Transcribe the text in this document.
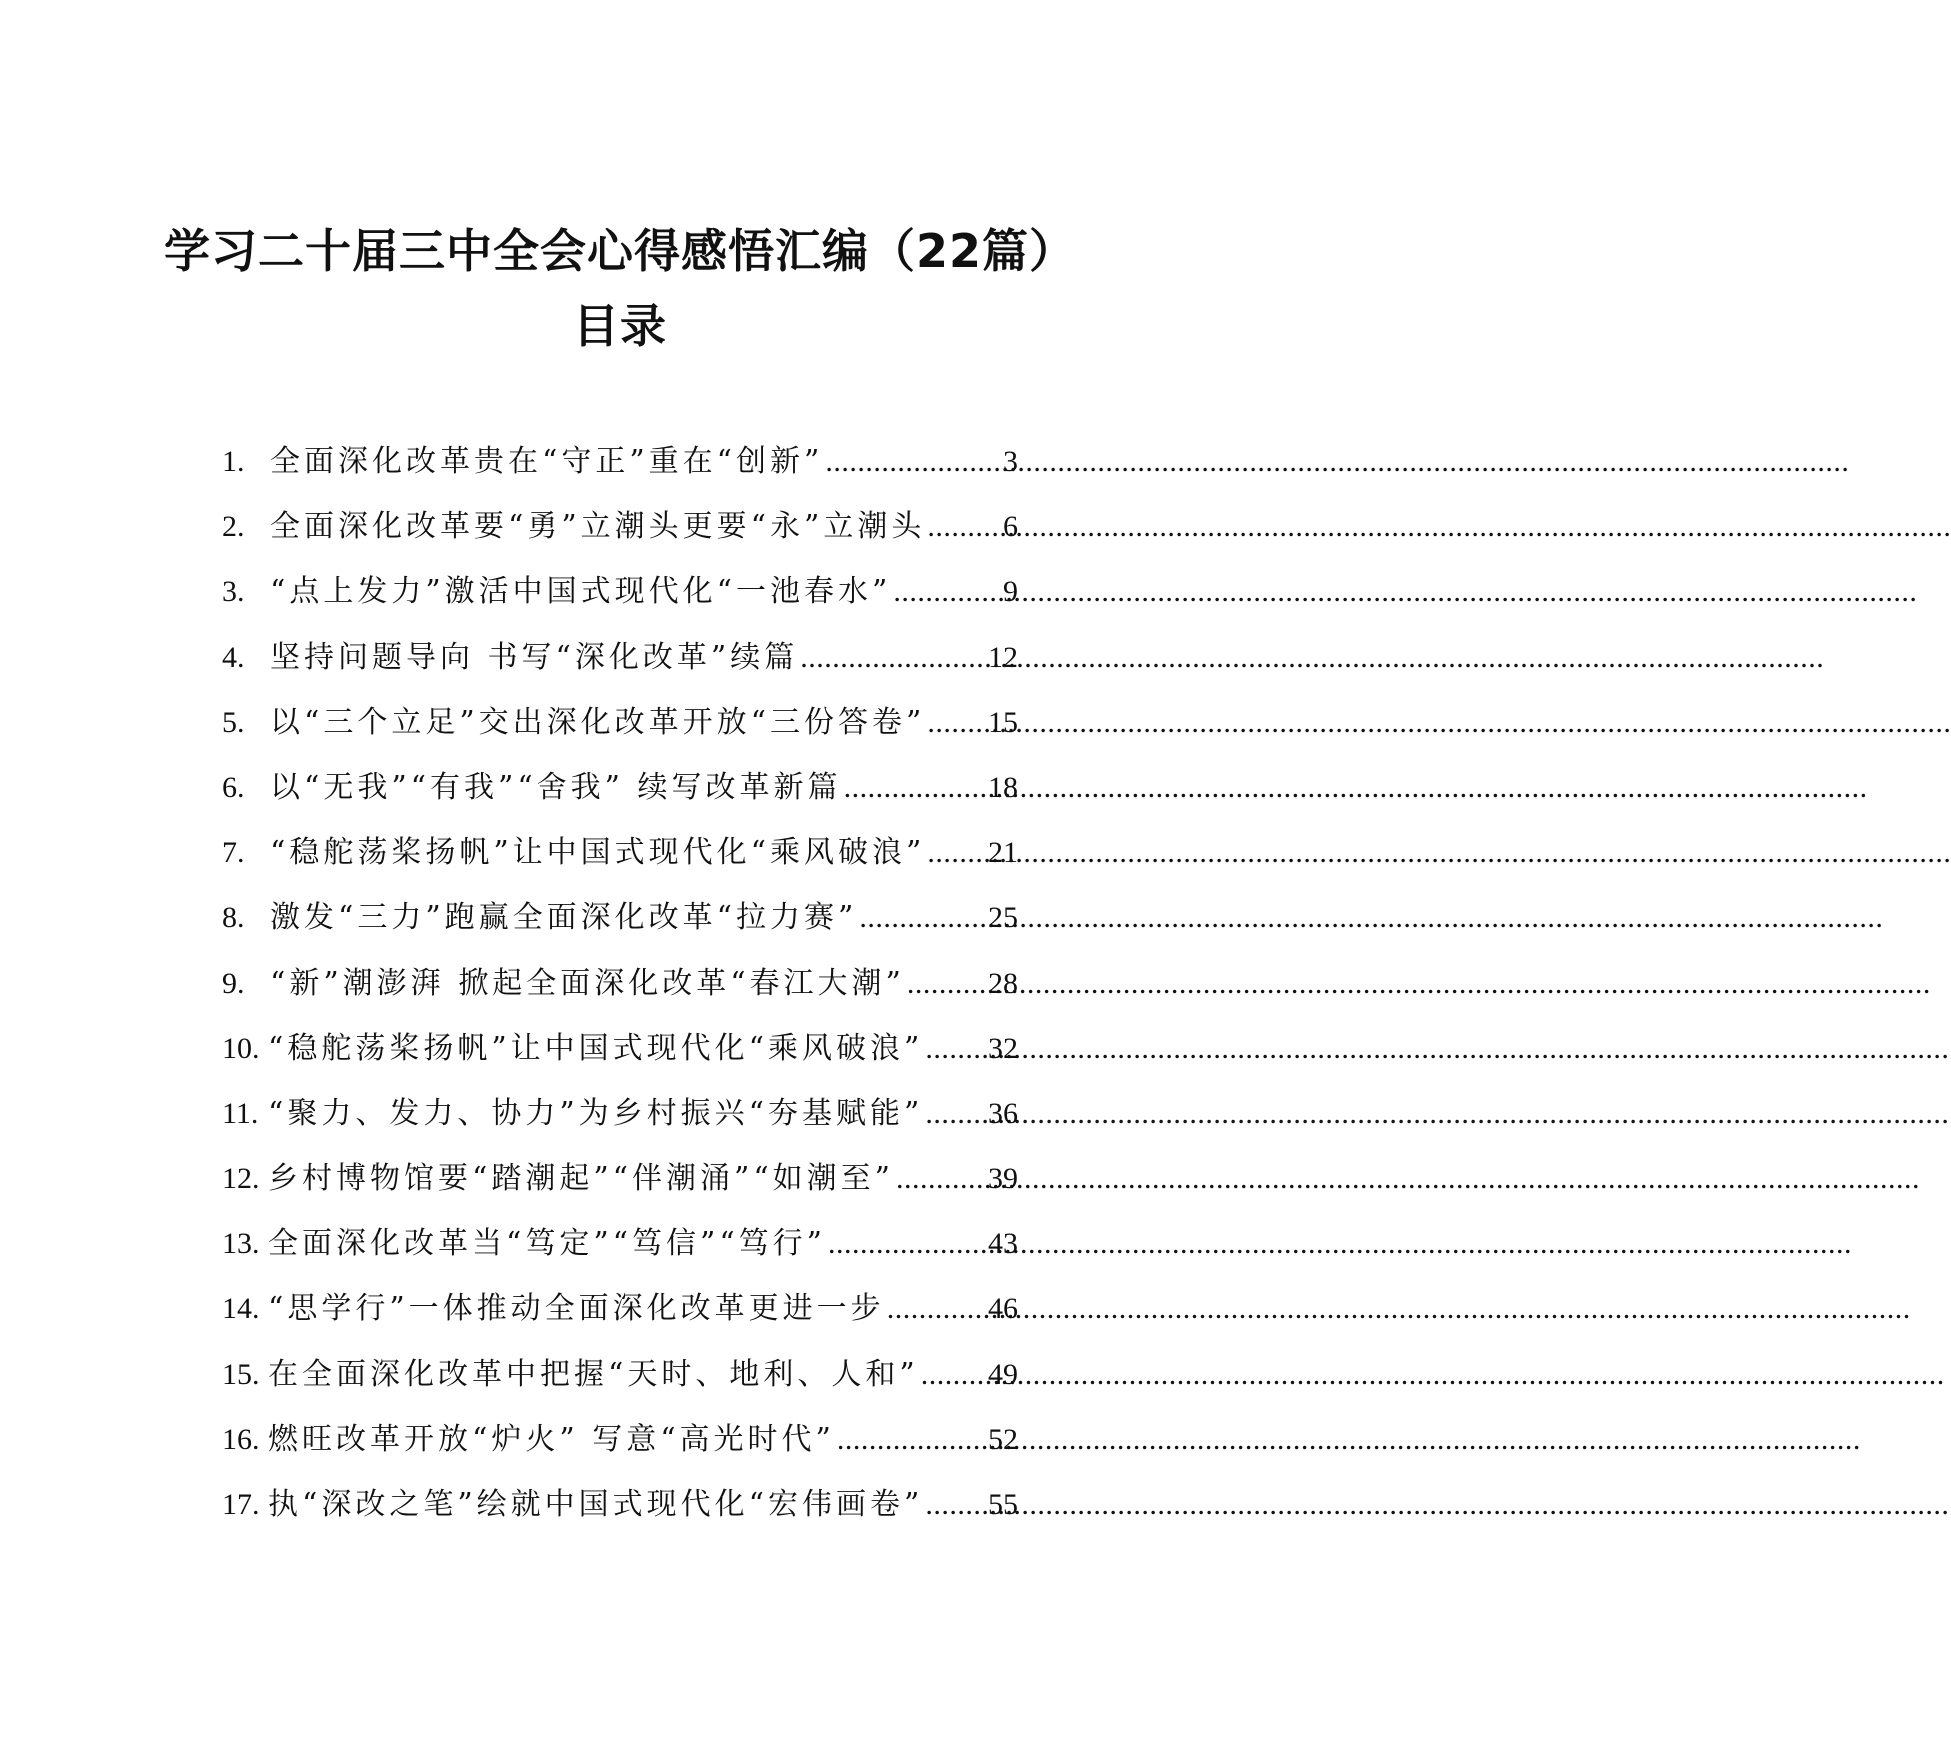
学习二十届三中全会心得感悟汇编（22篇）
目录
1. 全面深化改革贵在“守正”重在“创新” .....	3
2. 全面深化改革要“勇”立潮头更要“永”立潮头 .....	6
3. “点上发力”激活中国式现代化“一池春水” .....	9
4. 坚持问题导向 书写“深化改革”续篇 .....	12
5. 以“三个立足”交出深化改革开放“三份答卷” ..... 15
6. 以“无我”“有我”“舍我” 续写改革新篇 .....	18
7. “稳舵荡桨扬帆”让中国式现代化“乘风破浪” ..... 21
8. 激发“三力”跑赢全面深化改革“拉力赛” .....	25
9. “新”潮澎湃 掀起全面深化改革“春江大潮” .....	28
10. “稳舵荡桨扬帆”让中国式现代化“乘风破浪” ..... 32
11. “聚力、发力、协力”为乡村振兴“夯基赋能” ..... 36
12. 乡村博物馆要“踏潮起”“伴潮涌”“如潮至” .....	39
13. 全面深化改革当“笃定”“笃信”“笃行” .....	43
14. “思学行”一体推动全面深化改革更进一步 .....	46
15. 在全面深化改革中把握“天时、地利、人和” ..... 49
16. 燃旺改革开放“炉火” 写意“高光时代” .....	52
17. 执“深改之笔”绘就中国式现代化“宏伟画卷” ..... 55
